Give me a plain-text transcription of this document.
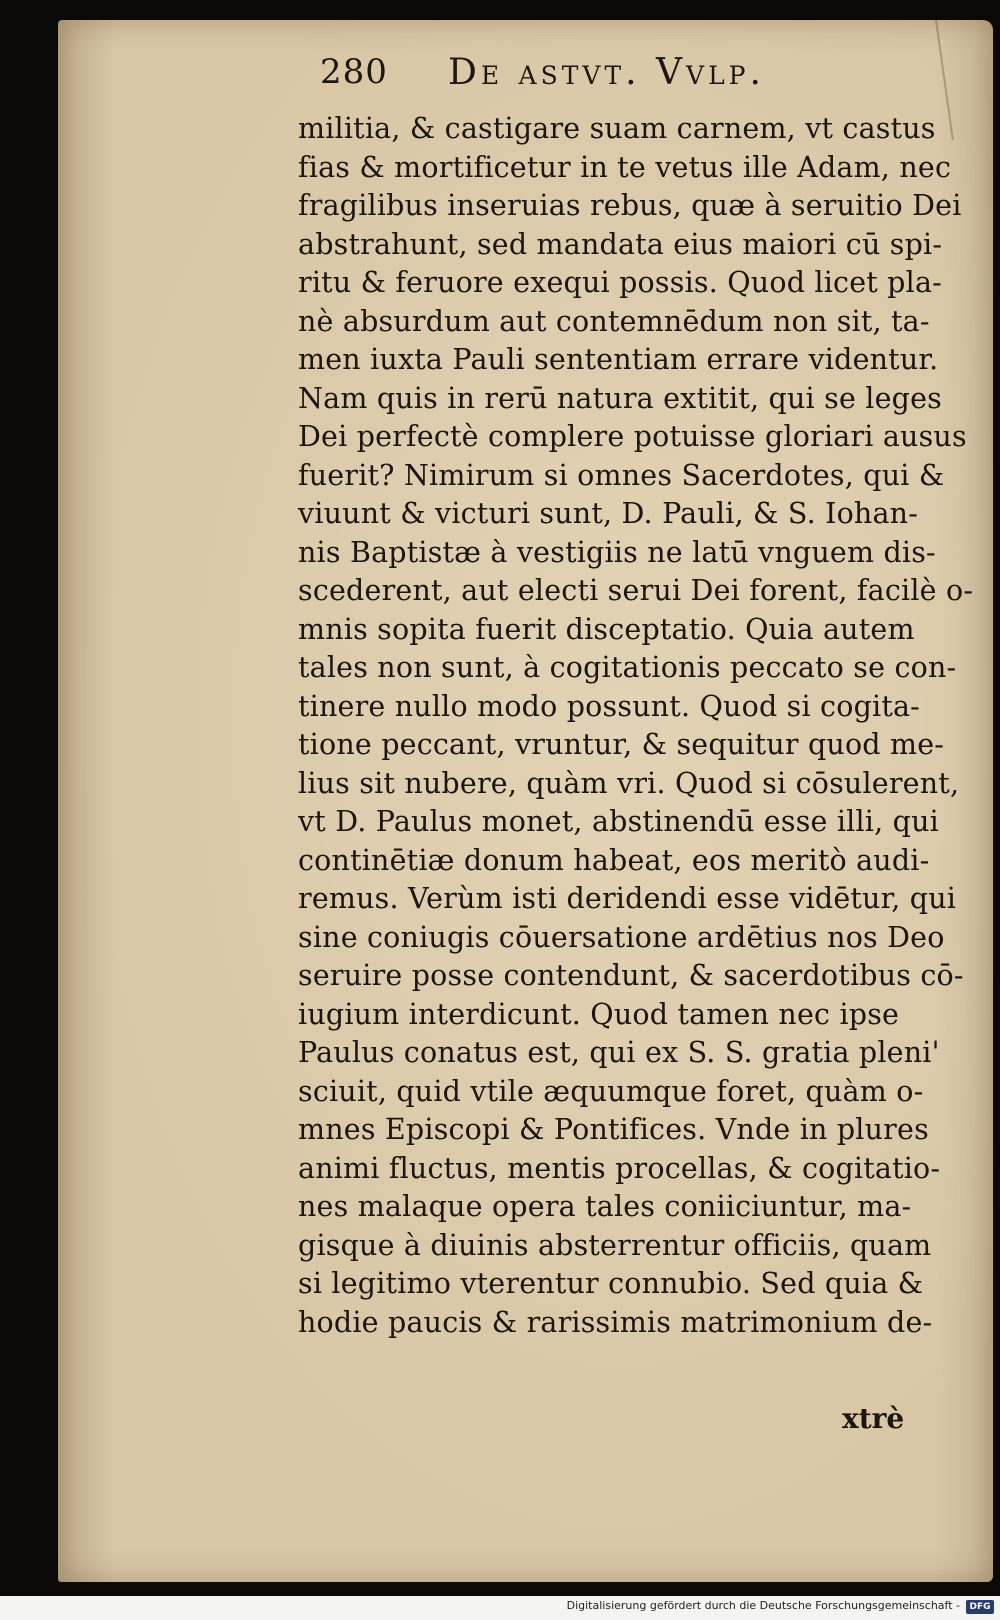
280 De astvt. Vvlp.
militia, & castigare suam carnem, vt castus
fias & mortificetur in te vetus ille Adam, nec
fragilibus inseruias rebus, quæ à seruitio Dei
abstrahunt, sed mandata eius maiori cū spi-
ritu & feruore exequi possis. Quod licet pla-
nè absurdum aut contemnēdum non sit, ta-
men iuxta Pauli sententiam errare videntur.
Nam quis in rerū natura extitit, qui se leges
Dei perfectè complere potuisse gloriari ausus
fuerit? Nimirum si omnes Sacerdotes, qui &
viuunt & victuri sunt, D. Pauli, & S. Iohan-
nis Baptistæ à vestigiis ne latū vnguem dis-
scederent, aut electi serui Dei forent, facilè o-
mnis sopita fuerit disceptatio. Quia autem
tales non sunt, à cogitationis peccato se con-
tinere nullo modo possunt. Quod si cogita-
tione peccant, vruntur, & sequitur quod me-
lius sit nubere, quàm vri. Quod si cōsulerent,
vt D. Paulus monet, abstinendū esse illi, qui
continētiæ donum habeat, eos meritò audi-
remus. Verùm isti deridendi esse vidētur, qui
sine coniugis cōuersatione ardētius nos Deo
seruire posse contendunt, & sacerdotibus cō-
iugium interdicunt. Quod tamen nec ipse
Paulus conatus est, qui ex S. S. gratia pleni'
sciuit, quid vtile æquumque foret, quàm o-
mnes Episcopi & Pontifices. Vnde in plures
animi fluctus, mentis procellas, & cogitatio-
nes malaque opera tales coniiciuntur, ma-
gisque à diuinis absterrentur officiis, quam
si legitimo vterentur connubio. Sed quia &
hodie paucis & rarissimis matrimonium de-
xtrè
Digitalisierung gefördert durch die Deutsche Forschungsgemeinschaft -	DFG
